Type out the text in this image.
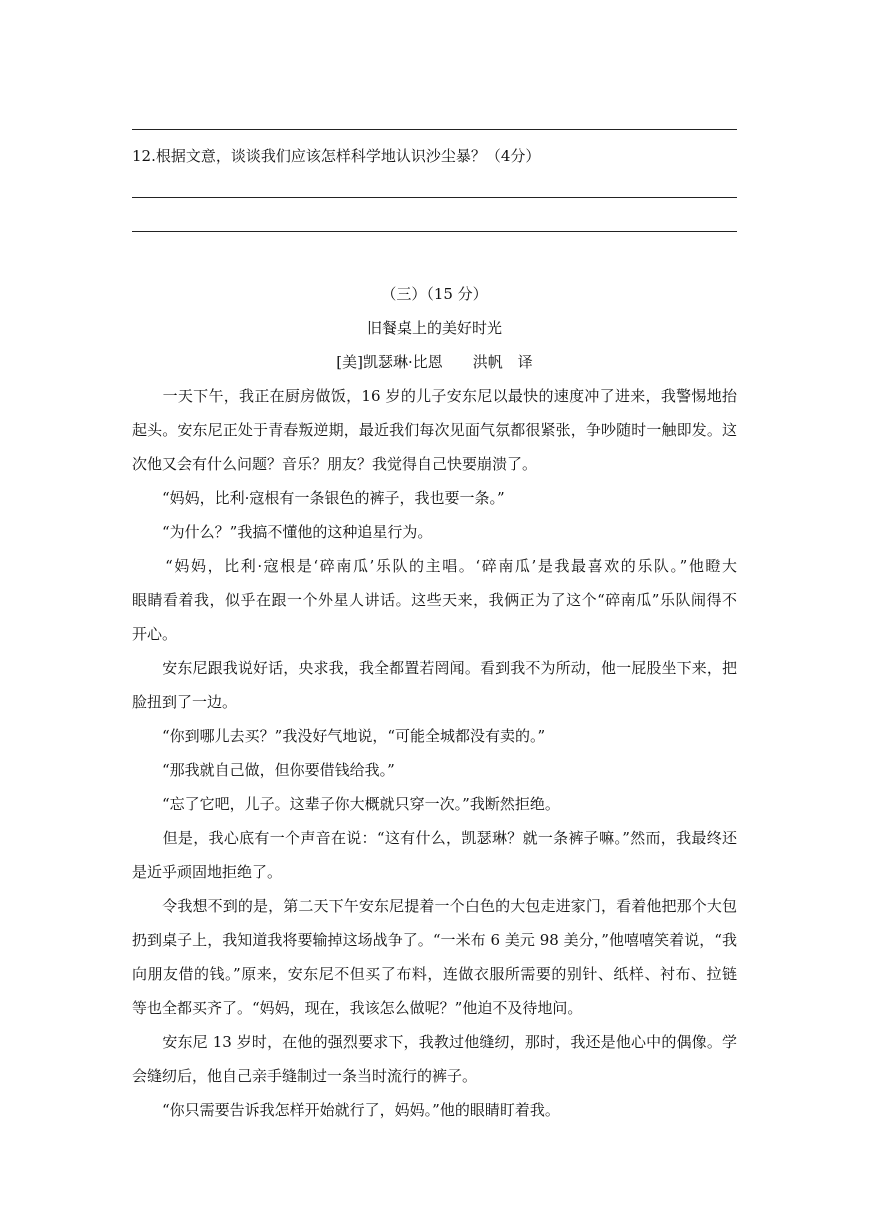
12.根据文意，谈谈我们应该怎样科学地认识沙尘暴？（4分）
（三）（15 分）
旧餐桌上的美好时光
[美]凯瑟琳·比恩　　洪帆　译
　　一天下午，我正在厨房做饭，16 岁的儿子安东尼以最快的速度冲了进来，我警惕地抬
起头。安东尼正处于青春叛逆期，最近我们每次见面气氛都很紧张，争吵随时一触即发。这
次他又会有什么问题？音乐？朋友？我觉得自己快要崩溃了。
　　“妈妈，比利·寇根有一条银色的裤子，我也要一条。”
　　“为什么？”我搞不懂他的这种追星行为。
　　“妈妈，比利·寇根是‘碎南瓜’乐队的主唱。‘碎南瓜’是我最喜欢的乐队。”他瞪大
眼睛看着我，似乎在跟一个外星人讲话。这些天来，我俩正为了这个“碎南瓜”乐队闹得不
开心。
　　安东尼跟我说好话，央求我，我全都置若罔闻。看到我不为所动，他一屁股坐下来，把
脸扭到了一边。
　　“你到哪儿去买？”我没好气地说，“可能全城都没有卖的。”
　　“那我就自己做，但你要借钱给我。”
　　“忘了它吧，儿子。这辈子你大概就只穿一次。”我断然拒绝。
　　但是，我心底有一个声音在说：“这有什么，凯瑟琳？就一条裤子嘛。”然而，我最终还
是近乎顽固地拒绝了。
　　令我想不到的是，第二天下午安东尼提着一个白色的大包走进家门，看着他把那个大包
扔到桌子上，我知道我将要输掉这场战争了。“一米布 6 美元 98 美分，”他嘻嘻笑着说，“我
向朋友借的钱。”原来，安东尼不但买了布料，连做衣服所需要的别针、纸样、衬布、拉链
等也全都买齐了。“妈妈，现在，我该怎么做呢？”他迫不及待地问。
　　安东尼 13 岁时，在他的强烈要求下，我教过他缝纫，那时，我还是他心中的偶像。学
会缝纫后，他自己亲手缝制过一条当时流行的裤子。
　　“你只需要告诉我怎样开始就行了，妈妈。”他的眼睛盯着我。
